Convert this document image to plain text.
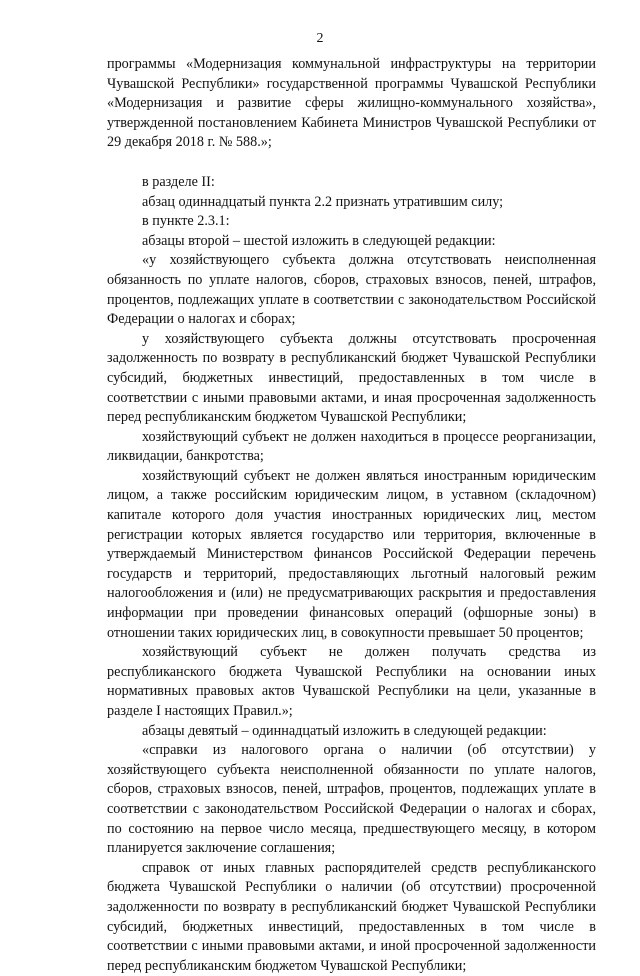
2

программы «Модернизация коммунальной инфраструктуры на территории Чувашской Республики» государственной программы Чувашской Республики «Модернизация и развитие сферы жилищно-коммунального хозяйства», утвержденной постановлением Кабинета Министров Чувашской Республики от 29 декабря 2018 г. № 588.»;

в разделе II:

абзац одиннадцатый пункта 2.2 признать утратившим силу;

в пункте 2.3.1:

абзацы второй – шестой изложить в следующей редакции:

«у хозяйствующего субъекта должна отсутствовать неисполненная обязанность по уплате налогов, сборов, страховых взносов, пеней, штрафов, процентов, подлежащих уплате в соответствии с законодательством Российской Федерации о налогах и сборах;

у хозяйствующего субъекта должны отсутствовать просроченная задолженность по возврату в республиканский бюджет Чувашской Республики субсидий, бюджетных инвестиций, предоставленных в том числе в соответствии с иными правовыми актами, и иная просроченная задолженность перед республиканским бюджетом Чувашской Республики;

хозяйствующий субъект не должен находиться в процессе реорганизации, ликвидации, банкротства;

хозяйствующий субъект не должен являться иностранным юридическим лицом, а также российским юридическим лицом, в уставном (складочном) капитале которого доля участия иностранных юридических лиц, местом регистрации которых является государство или территория, включенные в утверждаемый Министерством финансов Российской Федерации перечень государств и территорий, предоставляющих льготный налоговый режим налогообложения и (или) не предусматривающих раскрытия и предоставления информации при проведении финансовых операций (офшорные зоны) в отношении таких юридических лиц, в совокупности превышает 50 процентов;

хозяйствующий субъект не должен получать средства из республиканского бюджета Чувашской Республики на основании иных нормативных правовых актов Чувашской Республики на цели, указанные в разделе I настоящих Правил.»;

абзацы девятый – одиннадцатый изложить в следующей редакции:

«справки из налогового органа о наличии (об отсутствии) у хозяйствующего субъекта неисполненной обязанности по уплате налогов, сборов, страховых взносов, пеней, штрафов, процентов, подлежащих уплате в соответствии с законодательством Российской Федерации о налогах и сборах, по состоянию на первое число месяца, предшествующего месяцу, в котором планируется заключение соглашения;

справок от иных главных распорядителей средств республиканского бюджета Чувашской Республики о наличии (об отсутствии) просроченной задолженности по возврату в республиканский бюджет Чувашской Республики субсидий, бюджетных инвестиций, предоставленных в том числе в соответствии с иными правовыми актами, и иной просроченной задолженности перед республиканским бюджетом Чувашской Республики;
